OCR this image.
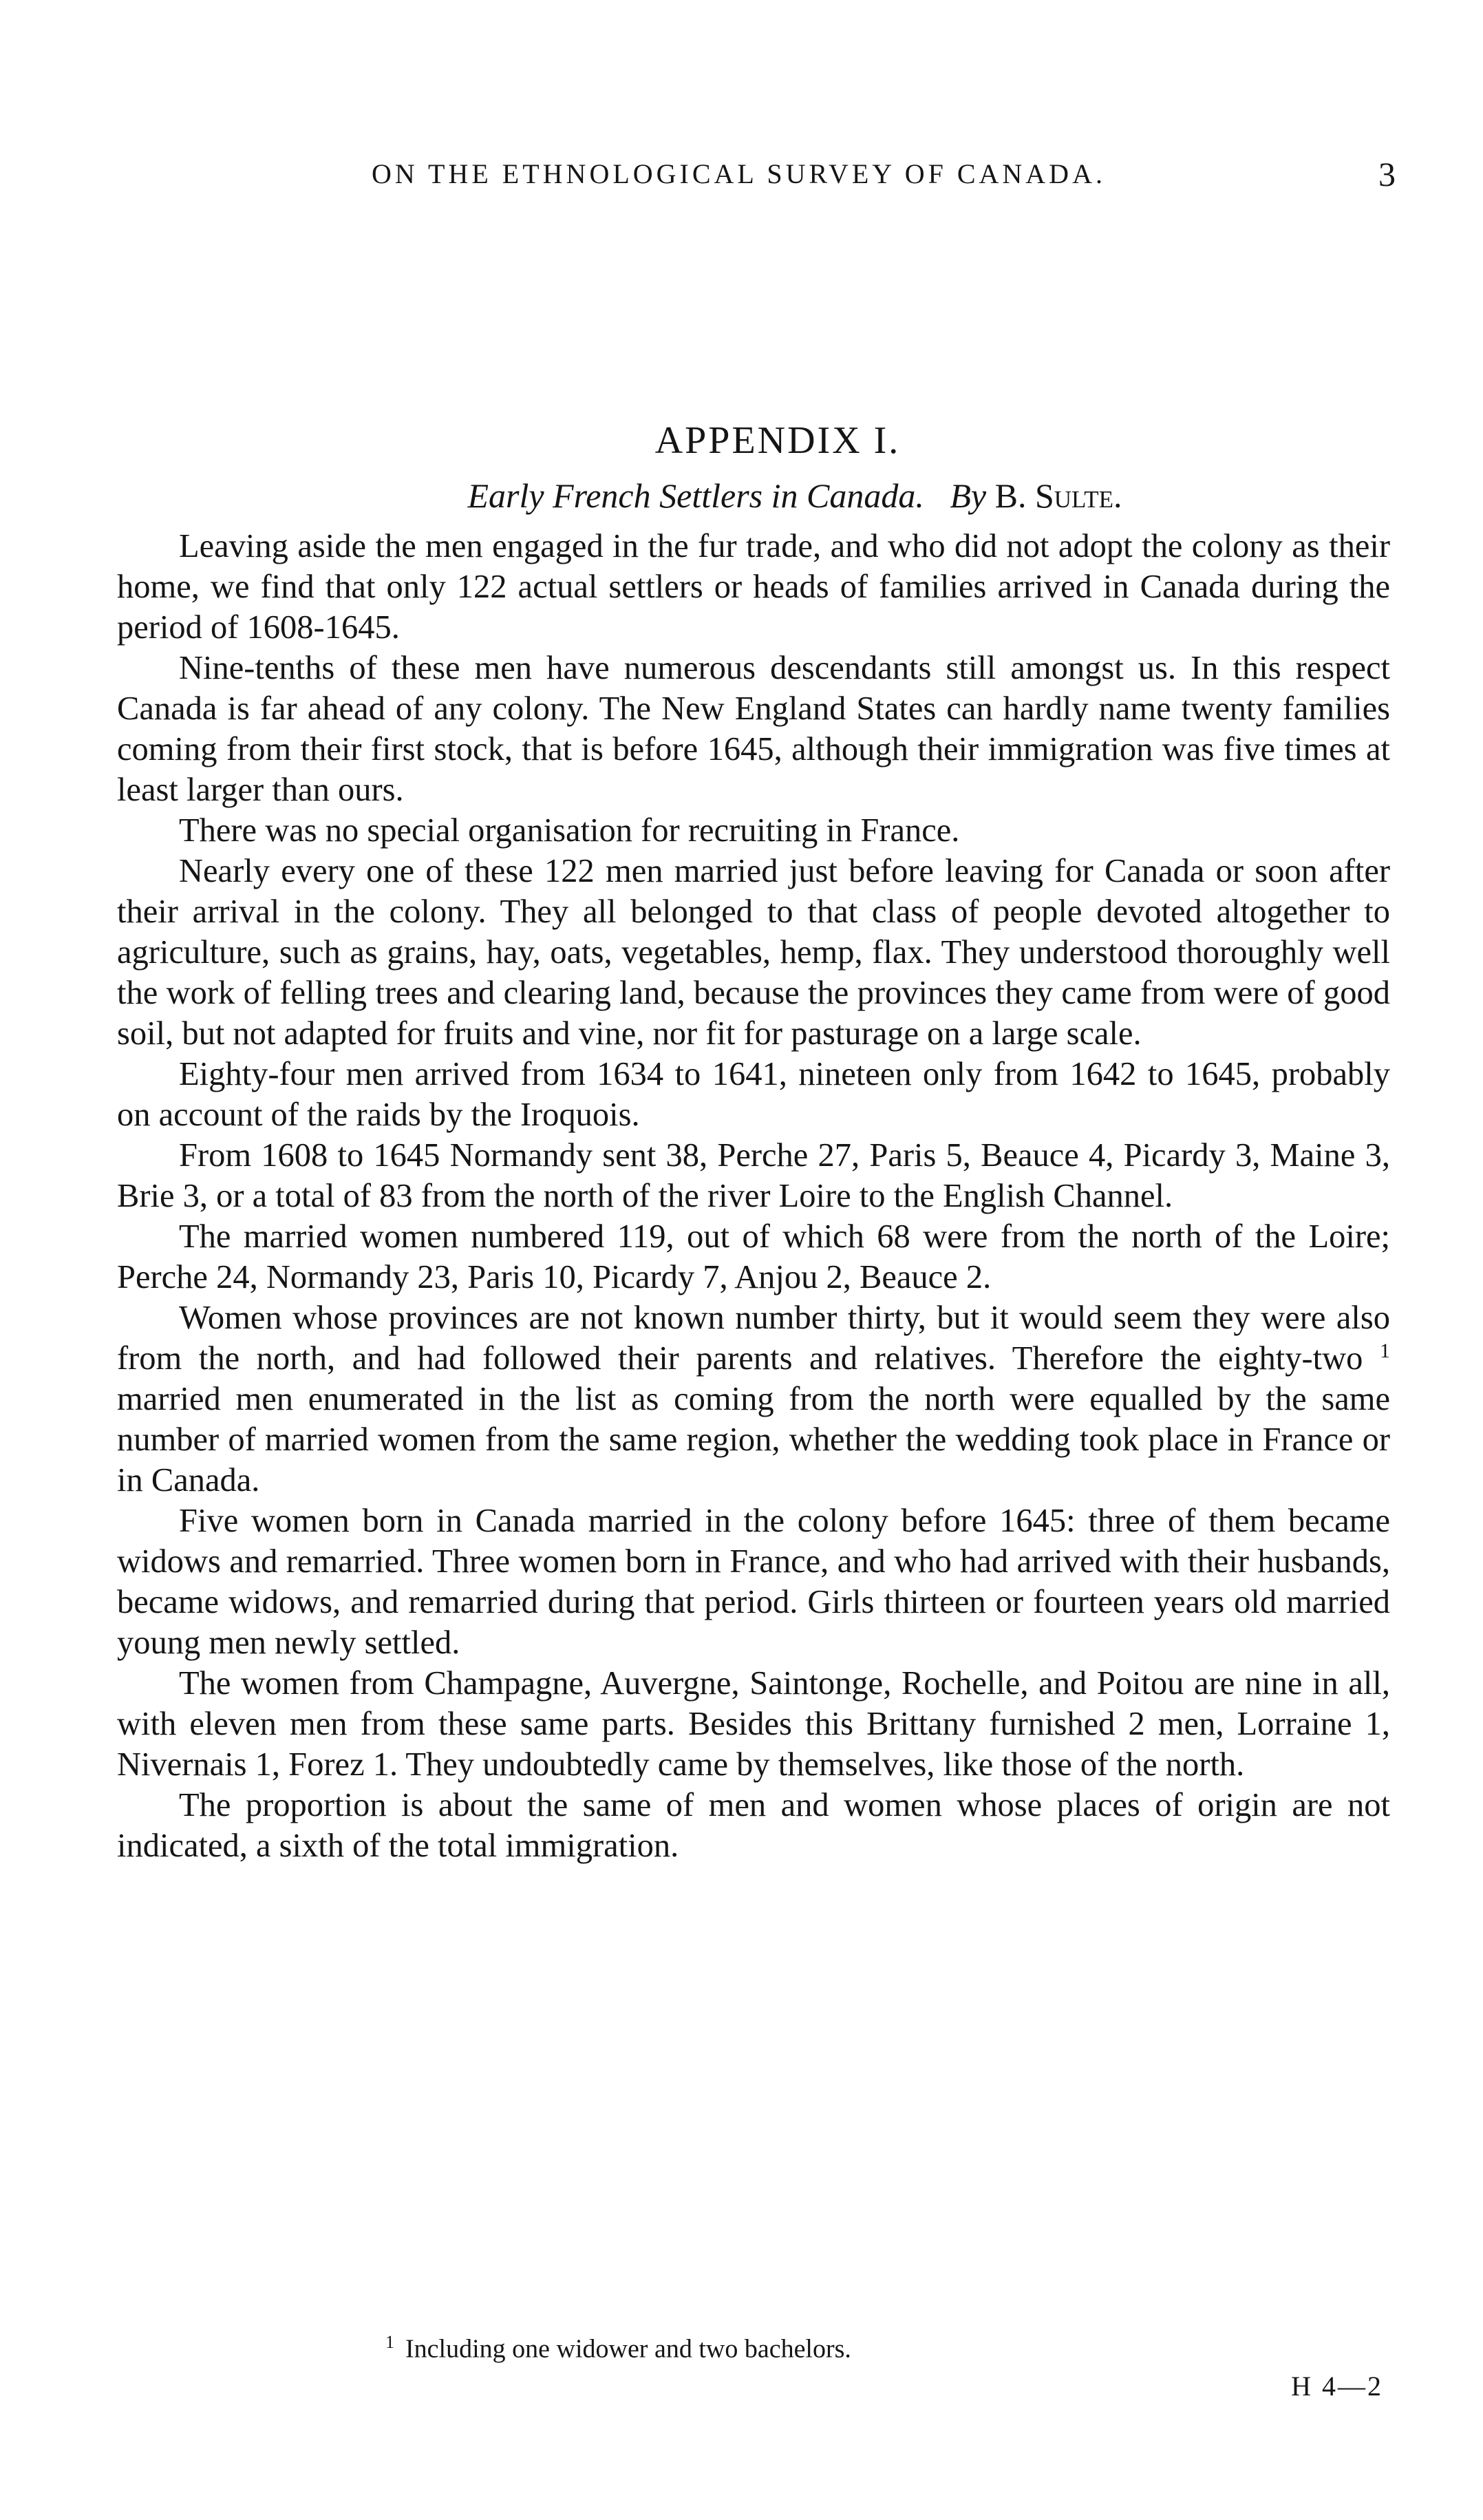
ON THE ETHNOLOGICAL SURVEY OF CANADA.	3
APPENDIX I.
Early French Settlers in Canada. By B. Sulte.

Leaving aside the men engaged in the fur trade, and who did not adopt the colony as their home, we find that only 122 actual settlers or heads of families arrived in Canada during the period of 1608-1645.

Nine-tenths of these men have numerous descendants still amongst us. In this respect Canada is far ahead of any colony. The New England States can hardly name twenty families coming from their first stock, that is before 1645, although their immigration was five times at least larger than ours.

There was no special organisation for recruiting in France.

Nearly every one of these 122 men married just before leaving for Canada or soon after their arrival in the colony. They all belonged to that class of people devoted altogether to agriculture, such as grains, hay, oats, vegetables, hemp, flax. They understood thoroughly well the work of felling trees and clearing land, because the provinces they came from were of good soil, but not adapted for fruits and vine, nor fit for pasturage on a large scale.

Eighty-four men arrived from 1634 to 1641, nineteen only from 1642 to 1645, probably on account of the raids by the Iroquois.

From 1608 to 1645 Normandy sent 38, Perche 27, Paris 5, Beauce 4, Picardy 3, Maine 3, Brie 3, or a total of 83 from the north of the river Loire to the English Channel.

The married women numbered 119, out of which 68 were from the north of the Loire; Perche 24, Normandy 23, Paris 10, Picardy 7, Anjou 2, Beauce 2.

Women whose provinces are not known number thirty, but it would seem they were also from the north, and had followed their parents and relatives. Therefore the eighty-two $^1$ married men enumerated in the list as coming from the north were equalled by the same number of married women from the same region, whether the wedding took place in France or in Canada.

Five women born in Canada married in the colony before 1645: three of them became widows and remarried. Three women born in France, and who had arrived with their husbands, became widows, and remarried during that period. Girls thirteen or fourteen years old married young men newly settled.

The women from Champagne, Auvergne, Saintonge, Rochelle, and Poitou are nine in all, with eleven men from these same parts. Besides this Brittany furnished 2 men, Lorraine 1, Nivernais 1, Forez 1. They undoubtedly came by themselves, like those of the north.

The proportion is about the same of men and women whose places of origin are not indicated, a sixth of the total immigration.

$^1$ Including one widower and two bachelors.
H 4—2
